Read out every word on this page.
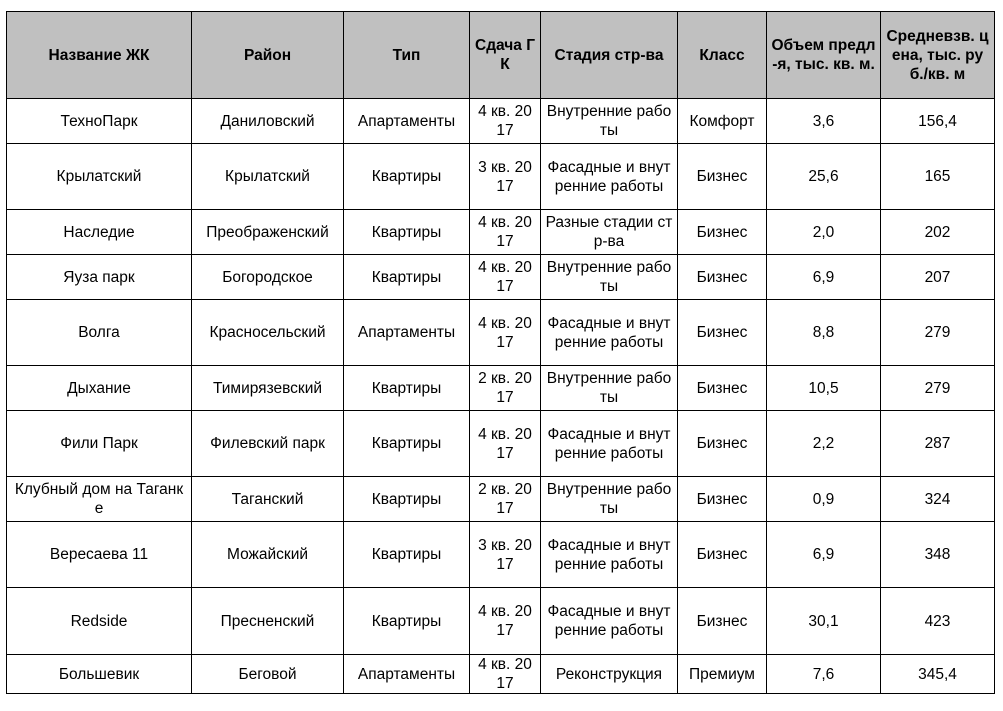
Название ЖК	Район	Тип	Сдача ГК	Стадия стр-ва	Класс	Объем предл-я, тыс. кв. м.	Средневзв. цена, тыс. руб./кв. м
ТехноПарк	Даниловский	Апартаменты	4 кв. 2017	Внутренние работы	Комфорт	3,6	156,4
Крылатский	Крылатский	Квартиры	3 кв. 2017	Фасадные и внутренние работы	Бизнес	25,6	165
Наследие	Преображенский	Квартиры	4 кв. 2017	Разные стадии стр-ва	Бизнес	2,0	202
Яуза парк	Богородское	Квартиры	4 кв. 2017	Внутренние работы	Бизнес	6,9	207
Волга	Красносельский	Апартаменты	4 кв. 2017	Фасадные и внутренние работы	Бизнес	8,8	279
Дыхание	Тимирязевский	Квартиры	2 кв. 2017	Внутренние работы	Бизнес	10,5	279
Фили Парк	Филевский парк	Квартиры	4 кв. 2017	Фасадные и внутренние работы	Бизнес	2,2	287
Клубный дом на Таганке	Таганский	Квартиры	2 кв. 2017	Внутренние работы	Бизнес	0,9	324
Вересаева 11	Можайский	Квартиры	3 кв. 2017	Фасадные и внутренние работы	Бизнес	6,9	348
Redside	Пресненский	Квартиры	4 кв. 2017	Фасадные и внутренние работы	Бизнес	30,1	423
Большевик	Беговой	Апартаменты	4 кв. 2017	Реконструкция	Премиум	7,6	345,4
